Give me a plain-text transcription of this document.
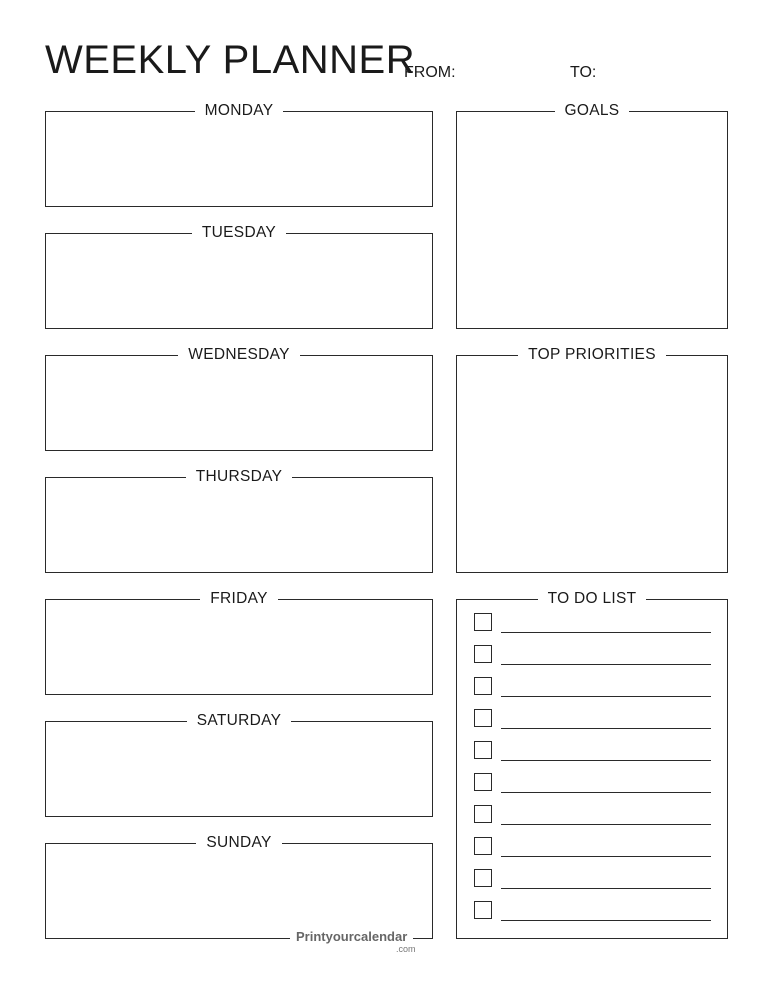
WEEKLY PLANNER
FROM:	TO:
MONDAY
TUESDAY
WEDNESDAY
THURSDAY
FRIDAY
SATURDAY
SUNDAY
GOALS
TOP PRIORITIES
TO DO LIST
Printyourcalendar
.com
